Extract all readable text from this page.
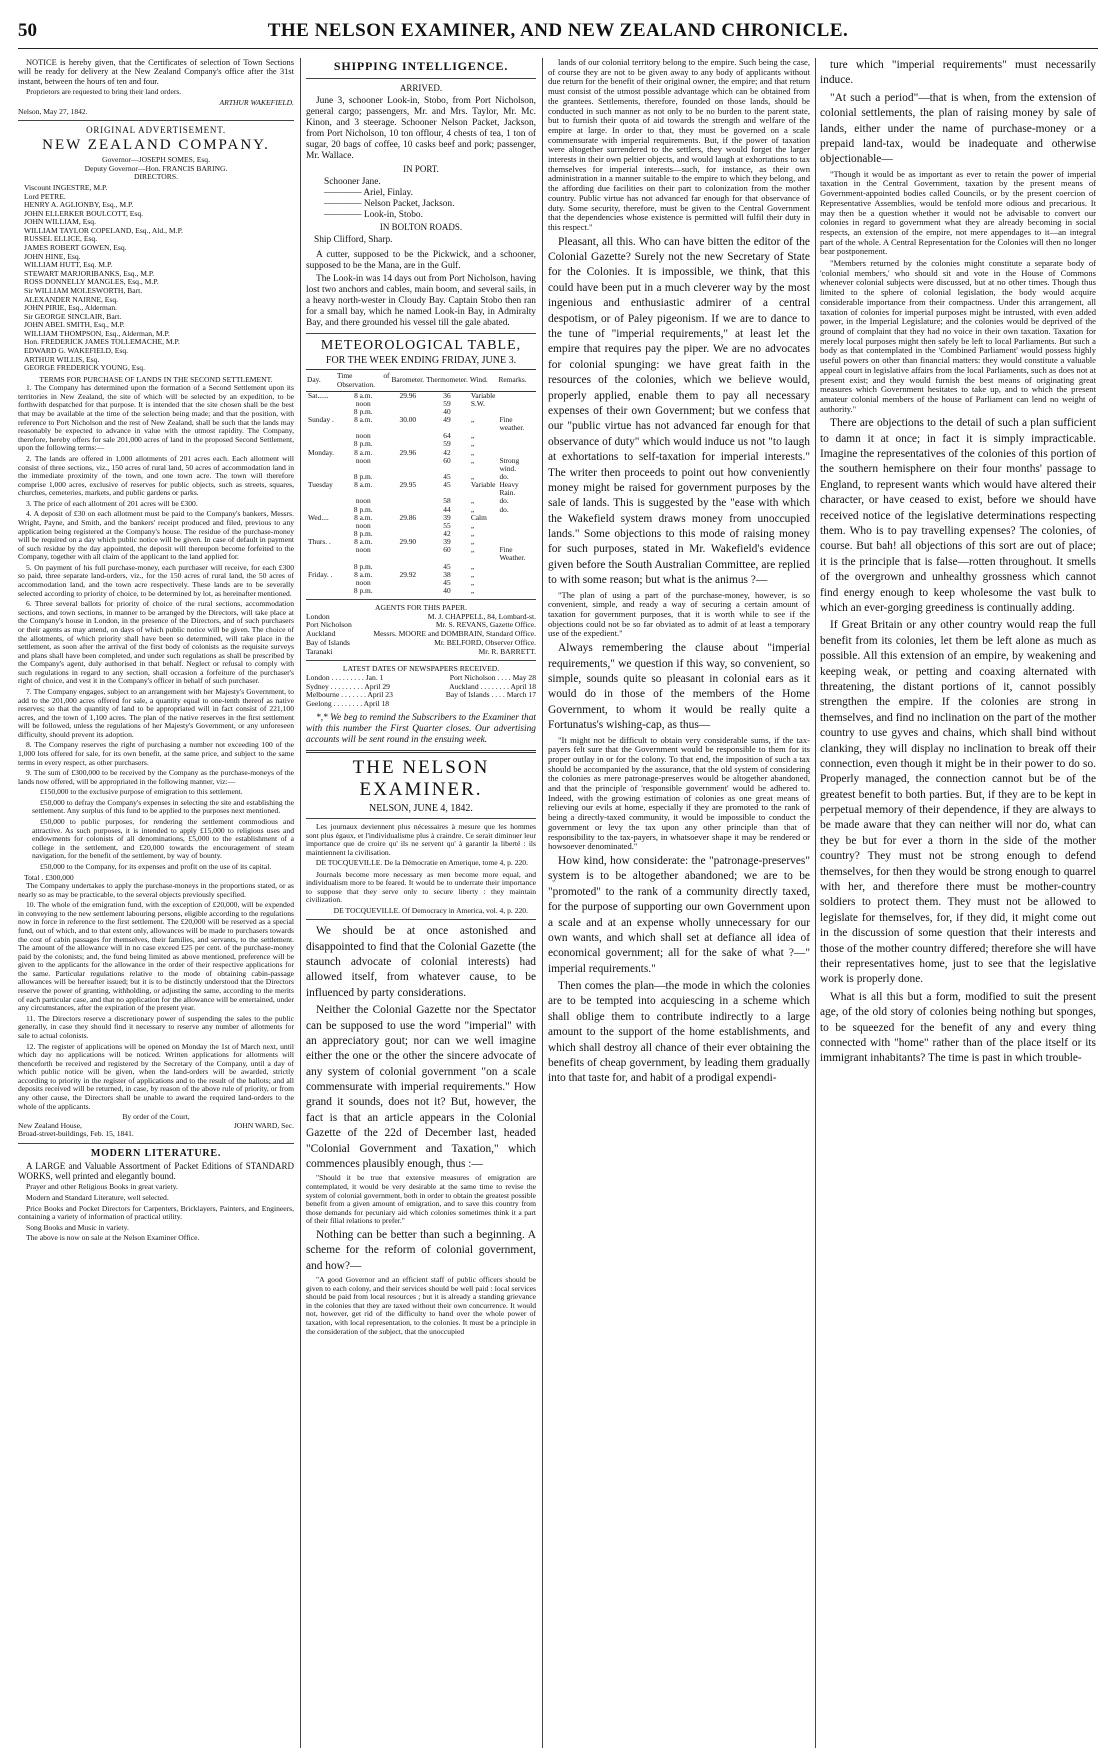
50	THE NELSON EXAMINER, AND NEW ZEALAND CHRONICLE.

NOTICE is hereby given, that the Certificates of selection of Town Sections will be ready for delivery at the New Zealand Company's office after the 31st instant, between the hours of ten and four.

Proprietors are requested to bring their land orders.

ARTHUR WAKEFIELD.
Nelson, May 27, 1842.
ORIGINAL ADVERTISEMENT.
NEW ZEALAND COMPANY.
Governor—JOSEPH SOMES, Esq.
Deputy Governor—Hon. FRANCIS BARING.
DIRECTORS.
Viscount INGESTRE, M.P.
Lord PETRE.
HENRY A. AGLIONBY, Esq., M.P.
JOHN ELLERKER BOULCOTT, Esq.
JOHN WILLIAM, Esq.
WILLIAM TAYLOR COPELAND, Esq., Ald., M.P.
RUSSEL ELLICE, Esq.
JAMES ROBERT GOWEN, Esq.
JOHN HINE, Esq.
WILLIAM HUTT, Esq. M.P.
STEWART MARJORIBANKS, Esq., M.P.
ROSS DONNELLY MANGLES, Esq., M.P.
Sir WILLIAM MOLESWORTH, Bart.
ALEXANDER NAIRNE, Esq.
JOHN PIRIE, Esq., Alderman.
Sir GEORGE SINCLAIR, Bart.
JOHN ABEL SMITH, Esq., M.P.
WILLIAM THOMPSON, Esq., Alderman, M.P.
Hon. FREDERICK JAMES TOLLEMACHE, M.P.
EDWARD G. WAKEFIELD, Esq.
ARTHUR WILLIS, Esq.
GEORGE FREDERICK YOUNG, Esq.
TERMS FOR PURCHASE OF LANDS IN THE SECOND SETTLEMENT.

1. The Company has determined upon the formation of a Second Settlement upon its territories in New Zealand, the site of which will be selected by an expedition, to be forthwith despatched for that purpose. It is intended that the site chosen shall be the best that may be available at the time of the selection being made; and that the position, with reference to Port Nicholson and the rest of New Zealand, shall be such that the lands may reasonably be expected to advance in value with the utmost rapidity. The Company, therefore, hereby offers for sale 201,000 acres of land in the proposed Second Settlement, upon the following terms:—

2. The lands are offered in 1,000 allotments of 201 acres each. Each allotment will consist of three sections, viz., 150 acres of rural land, 50 acres of accommodation land in the immediate proximity of the town, and one town acre. The town will therefore comprise 1,000 acres, exclusive of reserves for public objects, such as streets, squares, churches, cemeteries, markets, and public gardens or parks.

3. The price of each allotment of 201 acres will be £300.

4. A deposit of £30 on each allotment must be paid to the Company's bankers, Messrs. Wright, Payne, and Smith, and the bankers' receipt produced and filed, previous to any application being registered at the Company's house. The residue of the purchase-money will be required on a day which public notice will be given. In case of default in payment of such residue by the day appointed, the deposit will thereupon become forfeited to the Company, together with all claim of the applicant to the land applied for.

5. On payment of his full purchase-money, each purchaser will receive, for each £300 so paid, three separate land-orders, viz., for the 150 acres of rural land, the 50 acres of accommodation land, and the town acre respectively. These lands are to be severally selected according to priority of choice, to be determined by lot, as hereinafter mentioned.

6. Three several ballots for priority of choice of the rural sections, accommodation sections, and town sections, in manner to be arranged by the Directors, will take place at the Company's house in London, in the presence of the Directors, and of such purchasers or their agents as may attend, on days of which public notice will be given. The choice of the allotments, of which priority shall have been so determined, will take place in the settlement, as soon after the arrival of the first body of colonists as the requisite surveys and plans shall have been completed, and under such regulations as shall be prescribed by the Company's agent, duly authorised in that behalf. Neglect or refusal to comply with such regulations in regard to any section, shall occasion a forfeiture of the purchaser's right of choice, and vest it in the Company's officer in behalf of such purchaser.

7. The Company engages, subject to an arrangement with her Majesty's Government, to add to the 201,000 acres offered for sale, a quantity equal to one-tenth thereof as native reserves; so that the quantity of land to be appropriated will in fact consist of 221,100 acres, and the town of 1,100 acres. The plan of the native reserves in the first settlement will be followed, unless the regulations of her Majesty's Government, or any unforeseen difficulty, should prevent its adoption.

8. The Company reserves the right of purchasing a number not exceeding 100 of the 1,000 lots offered for sale, for its own benefit, at the same price, and subject to the same terms in every respect, as other purchasers.

9. The sum of £300,000 to be received by the Company as the purchase-moneys of the lands now offered, will be appropriated in the following manner, viz:—

£150,000 to the exclusive purpose of emigration to this settlement.

£50,000 to defray the Company's expenses in selecting the site and establishing the settlement. Any surplus of this fund to be applied to the purposes next mentioned.

£50,000 to public purposes, for rendering the settlement commodious and attractive. As such purposes, it is intended to apply £15,000 to religious uses and endowments for colonists of all denominations, £5,000 to the establishment of a college in the settlement, and £20,000 towards the encouragement of steam navigation, for the benefit of the settlement, by way of bounty.

£50,000 to the Company, for its expenses and profit on the use of its capital.

Total . £300,000

The Company undertakes to apply the purchase-moneys in the proportions stated, or as nearly so as may be practicable, to the several objects previously specified.

10. The whole of the emigration fund, with the exception of £20,000, will be expended in conveying to the new settlement labouring persons, eligible according to the regulations now in force in reference to the first settlement. The £20,000 will be reserved as a special fund, out of which, and to that extent only, allowances will be made to purchasers towards the cost of cabin passages for themselves, their families, and servants, to the settlement. The amount of the allowance will in no case exceed £25 per cent. of the purchase-money paid by the colonists; and, the fund being limited as above mentioned, preference will be given to the applicants for the allowance in the order of their respective applications for the same. Particular regulations relative to the mode of obtaining cabin-passage allowances will be hereafter issued; but it is to be distinctly understood that the Directors reserve the power of granting, withholding, or adjusting the same, according to the merits of each particular case, and that no application for the allowance will be entertained, under any circumstances, after the expiration of the present year.

11. The Directors reserve a discretionary power of suspending the sales to the public generally, in case they should find it necessary to reserve any number of allotments for sale to actual colonists.

12. The register of applications will be opened on Monday the 1st of March next, until which day no applications will be noticed. Written applications for allotments will thenceforth be received and registered by the Secretary of the Company, until a day of which public notice will be given, when the land-orders will be awarded, strictly according to priority in the register of applications and to the result of the ballots; and all deposits received will be returned, in case, by reason of the above rule of priority, or from any other cause, the Directors shall be unable to award the required land-orders to the whole of the applicants.

By order of the Court,
New Zealand House,	JOHN WARD, Sec.
Broad-street-buildings, Feb. 15, 1841.
MODERN LITERATURE.

A LARGE and Valuable Assortment of Packet Editions of STANDARD WORKS, well printed and elegantly bound.

Prayer and other Religious Books in great variety.

Modern and Standard Literature, well selected.

Price Books and Pocket Directors for Carpenters, Bricklayers, Painters, and Engineers, containing a variety of information of practical utility.

Song Books and Music in variety.

The above is now on sale at the Nelson Examiner Office.

SHIPPING INTELLIGENCE.
ARRIVED.

June 3, schooner Look-in, Stobo, from Port Nicholson, general cargo; passengers, Mr. and Mrs. Taylor, Mr. Mc. Kinon, and 3 steerage. Schooner Nelson Packet, Jackson, from Port Nicholson, 10 ton offlour, 4 chests of tea, 1 ton of sugar, 20 bags of coffee, 10 casks beef and pork; passenger, Mr. Wallace.

IN PORT.
Schooner Jane.
———— Ariel, Finlay.
———— Nelson Packet, Jackson.
———— Look-in, Stobo.
IN BOLTON ROADS.
Ship Clifford, Sharp.

A cutter, supposed to be the Pickwick, and a schooner, supposed to be the Mana, are in the Gulf.

The Look-in was 14 days out from Port Nicholson, having lost two anchors and cables, main boom, and several sails, in a heavy north-wester in Cloudy Bay. Captain Stobo then ran for a small bay, which he named Look-in Bay, in Admiralty Bay, and there grounded his vessel till the gale abated.

METEOROLOGICAL TABLE,
FOR THE WEEK ENDING FRIDAY, JUNE 3.
Day.	Time of Observation.	Barometer.	Thermometer.	Wind.	Remarks.
Sat......	8 a.m.	29.96	36	Variable	
	noon		59	S.W.	
	8 p.m.		40		
Sunday .	8 a.m.	30.00	49	„	Fine weather.
	noon		64	„	
	8 p.m.		59	„	
Monday.	8 a.m.	29.96	42	„	
	noon		60	„	Strong wind.
	8 p.m.		45	„	do.
Tuesday	8 a.m.	29.95	45	Variable	Heavy Rain.
	noon		58	„	do.
	8 p.m.		44	„	do.
Wed....	8 a.m.	29.86	39	Calm	
	noon		55	„	
	8 p.m.		42	„	
Thurs. .	8 a.m.	29.90	39	„	
	noon		60	„	Fine Weather.
	8 p.m.		45	„	
Friday. .	8 a.m.	29.92	38	„	
	noon		45	„	
	8 p.m.		40	„	
AGENTS FOR THIS PAPER.
London	M. J. CHAPPELL, 84, Lombard-st.
Port Nicholson	Mr. S. REVANS, Gazette Office.
Auckland	Messrs. MOORE and DOMBRAIN, Standard Office.
Bay of Islands	Mr. BELFORD, Observer Office.
Taranaki	Mr. R. BARRETT.
LATEST DATES OF NEWSPAPERS RECEIVED.
London . . . . . . . . . Jan. 1	Port Nicholson . . . . May 28
Sydney . . . . . . . . . April 29	Auckland . . . . . . . . April 18
Melbourne . . . . . . . April 23	Bay of Islands . . . . March 17
Geelong . . . . . . . . April 18

*,* We beg to remind the Subscribers to the Examiner that with this number the First Quarter closes. Our advertising accounts will be sent round in the ensuing week.

THE NELSON EXAMINER.
NELSON, JUNE 4, 1842.

Les journaux deviennent plus nécessaires à mesure que les hommes sont plus égaux, et l'individualisme plus à craindre. Ce serait diminuer leur importance que de croire qu' ils ne servent qu' à garantir la liberté : ils maintiennent la civilisation.

DE TOCQUEVILLE. De la Démocratie en Amerique, tome 4, p. 220.

Journals become more necessary as men become more equal, and individualism more to be feared. It would be to underrate their importance to suppose that they serve only to secure liberty : they maintain civilization.

DE TOCQUEVILLE. Of Democracy in America, vol. 4, p. 220.

We should be at once astonished and disappointed to find that the Colonial Gazette (the staunch advocate of colonial interests) had allowed itself, from whatever cause, to be influenced by party considerations.

Neither the Colonial Gazette nor the Spectator can be supposed to use the word "imperial" with an appreciatory gout; nor can we well imagine either the one or the other the sincere advocate of any system of colonial government "on a scale commensurate with imperial requirements." How grand it sounds, does not it? But, however, the fact is that an article appears in the Colonial Gazette of the 22d of December last, headed "Colonial Government and Taxation," which commences plausibly enough, thus :—

"Should it be true that extensive measures of emigration are contemplated, it would be very desirable at the same time to revise the system of colonial government, both in order to obtain the greatest possible benefit from a given amount of emigration, and to save this country from those demands for pecuniary aid which colonies sometimes think it a part of their filial relations to prefer."

Nothing can be better than such a beginning. A scheme for the reform of colonial government, and how?—

"A good Governor and an efficient staff of public officers should be given to each colony, and their services should be well paid : local services should be paid from local resources ; but it is already a standing grievance in the colonies that they are taxed without their own concurrence. It would not, however, get rid of the difficulty to hand over the whole power of taxation, with local representation, to the colonies. It must be a principle in the consideration of the subject, that the unoccupied

lands of our colonial territory belong to the empire. Such being the case, of course they are not to be given away to any body of applicants without due return for the benefit of their original owner, the empire; and that return must consist of the utmost possible advantage which can be obtained from the grantees. Settlements, therefore, founded on those lands, should be conducted in such manner as not only to be no burden to the parent state, but to furnish their quota of aid towards the strength and welfare of the empire at large. In order to that, they must be governed on a scale commensurate with imperial requirements. But, if the power of taxation were altogether surrendered to the settlers, they would forget the larger interests in their own peltier objects, and would laugh at exhortations to tax themselves for imperial interests—such, for instance, as their own administration in a manner suitable to the empire to which they belong, and the affording due facilities on their part to colonization from the mother country. Public virtue has not advanced far enough for that observance of duty. Some security, therefore, must be given to the Central Government that the dependencies whose existence is permitted will fulfil their duty in this respect."

Pleasant, all this. Who can have bitten the editor of the Colonial Gazette? Surely not the new Secretary of State for the Colonies. It is impossible, we think, that this could have been put in a much cleverer way by the most ingenious and enthusiastic admirer of a central despotism, or of Paley pigeonism. If we are to dance to the tune of "imperial requirements," at least let the empire that requires pay the piper. We are no advocates for colonial spunging: we have great faith in the resources of the colonies, which we believe would, properly applied, enable them to pay all necessary expenses of their own Government; but we confess that our "public virtue has not advanced far enough for that observance of duty" which would induce us not "to laugh at exhortations to self-taxation for imperial interests." The writer then proceeds to point out how conveniently money might be raised for government purposes by the sale of lands. This is suggested by the "ease with which the Wakefield system draws money from unoccupied lands." Some objections to this mode of raising money for such purposes, stated in Mr. Wakefield's evidence given before the South Australian Committee, are replied to with some reason; but what is the animus ?—

"The plan of using a part of the purchase-money, however, is so convenient, simple, and ready a way of securing a certain amount of taxation for government purposes, that it is worth while to see if the objections could not be so far obviated as to admit of at least a temporary use of the expedient."

Always remembering the clause about "imperial requirements," we question if this way, so convenient, so simple, sounds quite so pleasant in colonial ears as it would do in those of the members of the Home Government, to whom it would be really quite a Fortunatus's wishing-cap, as thus—

"It might not be difficult to obtain very considerable sums, if the tax-payers felt sure that the Government would be responsible to them for its proper outlay in or for the colony. To that end, the imposition of such a tax should be accompanied by the assurance, that the old system of considering the colonies as mere patronage-preserves would be altogether abandoned, and that the principle of 'responsible government' would be adhered to. Indeed, with the growing estimation of colonies as one great means of relieving our evils at home, especially if they are promoted to the rank of being a directly-taxed community, it would be impossible to conduct the government or levy the tax upon any other principle than that of responsibility to the tax-payers, in whatsoever shape it may be rendered or howsoever denominated."

How kind, how considerate: the "patronage-preserves" system is to be altogether abandoned; we are to be "promoted" to the rank of a community directly taxed, for the purpose of supporting our own Government upon a scale and at an expense wholly unnecessary for our own wants, and which shall set at defiance all idea of economical government; all for the sake of what ?—" imperial requirements."

Then comes the plan—the mode in which the colonies are to be tempted into acquiescing in a scheme which shall oblige them to contribute indirectly to a large amount to the support of the home establishments, and which shall destroy all chance of their ever obtaining the benefits of cheap government, by leading them gradually into that taste for, and habit of a prodigal expendi-

ture which "imperial requirements" must necessarily induce.

"At such a period"—that is when, from the extension of colonial settlements, the plan of raising money by sale of lands, either under the name of purchase-money or a prepaid land-tax, would be inadequate and otherwise objectionable—

"Though it would be as important as ever to retain the power of imperial taxation in the Central Government, taxation by the present means of Government-appointed bodies called Councils, or by the present coercion of Representative Assemblies, would be tenfold more odious and precarious. It may then be a question whether it would not be advisable to convert our colonies in regard to government what they are already becoming in social respects, an extension of the empire, not mere appendages to it—an integral part of the whole. A Central Representation for the Colonies will then no longer bear postponement.

"Members returned by the colonies might constitute a separate body of 'colonial members,' who should sit and vote in the House of Commons whenever colonial subjects were discussed, but at no other times. Though thus limited to the sphere of colonial legislation, the body would acquire considerable importance from their compactness. Under this arrangement, all taxation of colonies for imperial purposes might be intrusted, with even added power, in the Imperial Legislature; and the colonies would be deprived of the ground of complaint that they had no voice in their own taxation. Taxation for merely local purposes might then safely be left to local Parliaments. But such a body as that contemplated in the 'Combined Parliament' would possess highly useful powers on other than financial matters: they would constitute a valuable appeal court in legislative affairs from the local Parliaments, such as does not at present exist; and they would furnish the best means of originating great measures which Government hesitates to take up, and to which the present amateur colonial members of the house of Parliament can lend no weight of authority."

There are objections to the detail of such a plan sufficient to damn it at once; in fact it is simply impracticable. Imagine the representatives of the colonies of this portion of the southern hemisphere on their four months' passage to England, to represent wants which would have altered their character, or have ceased to exist, before we should have received notice of the legislative determinations respecting them. Who is to pay travelling expenses? The colonies, of course. But bah! all objections of this sort are out of place; it is the principle that is false—rotten throughout. It smells of the overgrown and unhealthy grossness which cannot find energy enough to keep wholesome the vast bulk to which an ever-gorging greediness is continually adding.

If Great Britain or any other country would reap the full benefit from its colonies, let them be left alone as much as possible. All this extension of an empire, by weakening and keeping weak, or petting and coaxing alternated with threatening, the distant portions of it, cannot possibly strengthen the empire. If the colonies are strong in themselves, and find no inclination on the part of the mother country to use gyves and chains, which shall bind without clanking, they will display no inclination to break off their connection, even though it might be in their power to do so. Properly managed, the connection cannot but be of the greatest benefit to both parties. But, if they are to be kept in perpetual memory of their dependence, if they are always to be made aware that they can neither will nor do, what can they be but for ever a thorn in the side of the mother country? They must not be strong enough to defend themselves, for then they would be strong enough to quarrel with her, and therefore there must be mother-country soldiers to protect them. They must not be allowed to legislate for themselves, for, if they did, it might come out in the discussion of some question that their interests and those of the mother country differed; therefore she will have their representatives home, just to see that the legislative work is properly done.

What is all this but a form, modified to suit the present age, of the old story of colonies being nothing but sponges, to be squeezed for the benefit of any and every thing connected with "home" rather than of the place itself or its immigrant inhabitants? The time is past in which trouble-
